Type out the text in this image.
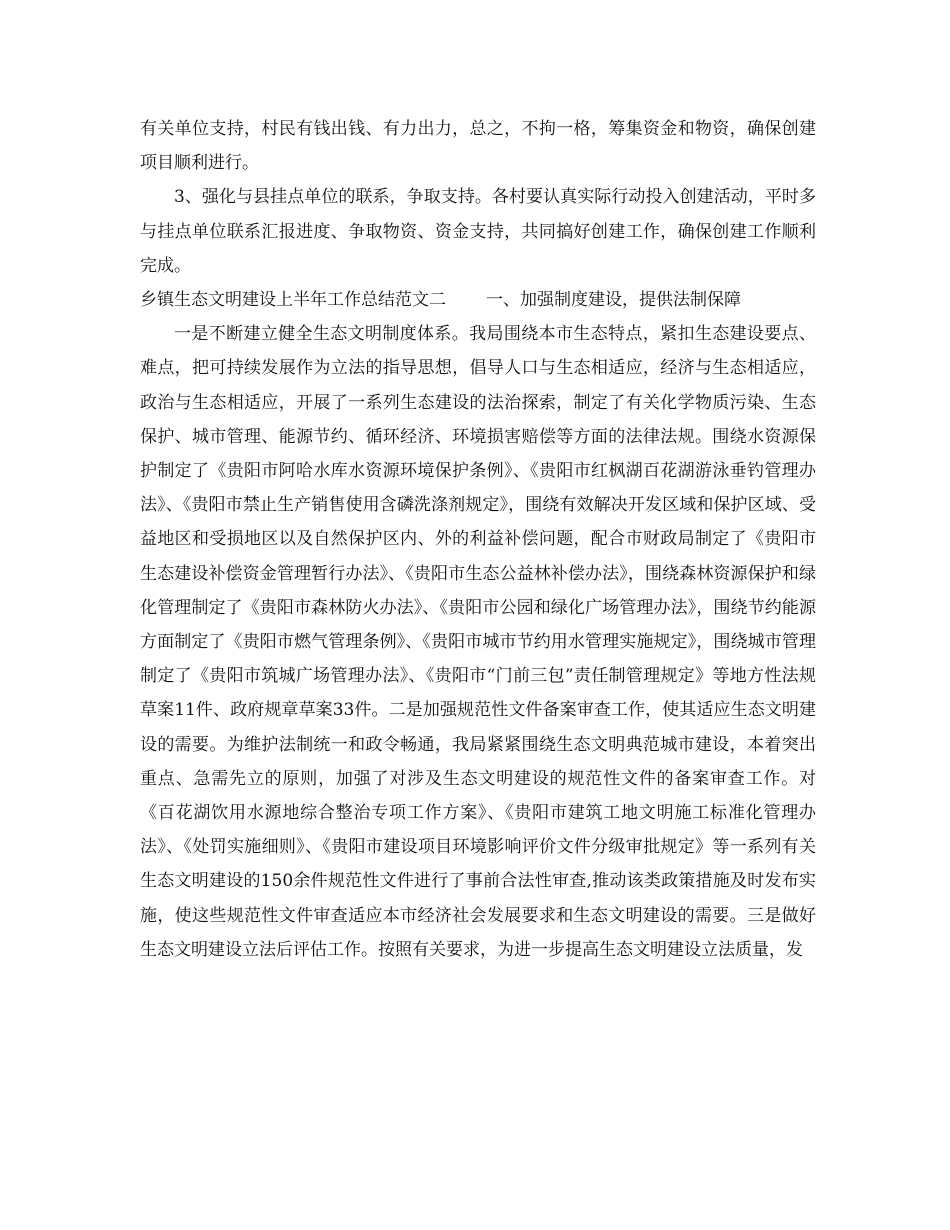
有关单位支持，村民有钱出钱、有力出力，总之，不拘一格，筹集资金和物资，确保创建项目顺利进行。

3、强化与县挂点单位的联系，争取支持。各村要认真实际行动投入创建活动，平时多与挂点单位联系汇报进度、争取物资、资金支持，共同搞好创建工作，确保创建工作顺利完成。

乡镇生态文明建设上半年工作总结范文二 一、加强制度建设，提供法制保障

一是不断建立健全生态文明制度体系。我局围绕本市生态特点，紧扣生态建设要点、难点，把可持续发展作为立法的指导思想，倡导人口与生态相适应，经济与生态相适应，政治与生态相适应，开展了一系列生态建设的法治探索，制定了有关化学物质污染、生态保护、城市管理、能源节约、循环经济、环境损害赔偿等方面的法律法规。围绕水资源保护制定了《贵阳市阿哈水库水资源环境保护条例》、《贵阳市红枫湖百花湖游泳垂钓管理办法》、《贵阳市禁止生产销售使用含磷洗涤剂规定》，围绕有效解决开发区域和保护区域、受益地区和受损地区以及自然保护区内、外的利益补偿问题，配合市财政局制定了《贵阳市生态建设补偿资金管理暂行办法》、《贵阳市生态公益林补偿办法》，围绕森林资源保护和绿化管理制定了《贵阳市森林防火办法》、《贵阳市公园和绿化广场管理办法》，围绕节约能源方面制定了《贵阳市燃气管理条例》、《贵阳市城市节约用水管理实施规定》，围绕城市管理制定了《贵阳市筑城广场管理办法》、《贵阳市“门前三包”责任制管理规定》等地方性法规草案11件、政府规章草案33件。二是加强规范性文件备案审查工作，使其适应生态文明建设的需要。为维护法制统一和政令畅通，我局紧紧围绕生态文明典范城市建设，本着突出重点、急需先立的原则，加强了对涉及生态文明建设的规范性文件的备案审查工作。对《百花湖饮用水源地综合整治专项工作方案》、《贵阳市建筑工地文明施工标准化管理办法》、《处罚实施细则》、《贵阳市建设项目环境影响评价文件分级审批规定》等一系列有关生态文明建设的150余件规范性文件进行了事前合法性审查,推动该类政策措施及时发布实施，使这些规范性文件审查适应本市经济社会发展要求和生态文明建设的需要。三是做好生态文明建设立法后评估工作。按照有关要求，为进一步提高生态文明建设立法质量，发
